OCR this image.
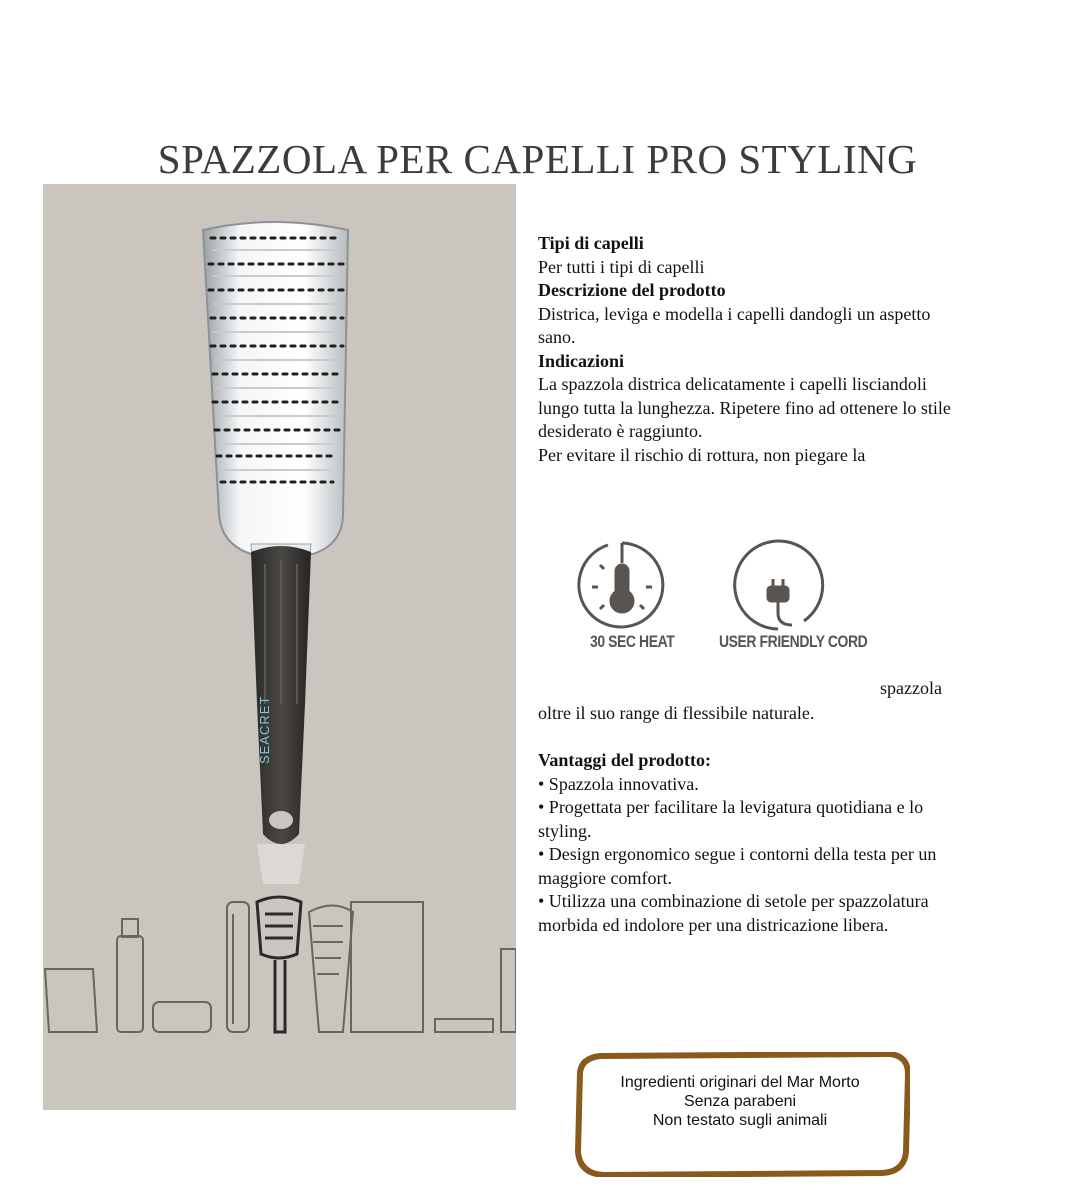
SPAZZOLA PER CAPELLI PRO STYLING
SEACRET

Tipi di capelli

Per tutti i tipi di capelli

Descrizione del prodotto

Districa, leviga e modella i capelli dandogli un aspetto sano.

Indicazioni

La spazzola districa delicatamente i capelli lisciandoli lungo tutta la lunghezza. Ripetere fino ad ottenere lo stile desiderato è raggiunto.

Per evitare il rischio di rottura, non piegare la

30 SEC HEAT	USER FRIENDLY CORD
spazzola

oltre il suo range di flessibile naturale.

Vantaggi del prodotto:

• Spazzola innovativa.

• Progettata per facilitare la levigatura quotidiana e lo styling.

• Design ergonomico segue i contorni della testa per un maggiore comfort.

• Utilizza una combinazione di setole per spazzolatura morbida ed indolore per una districazione libera.

Ingredienti originari del Mar Morto
Senza parabeni
Non testato sugli animali
